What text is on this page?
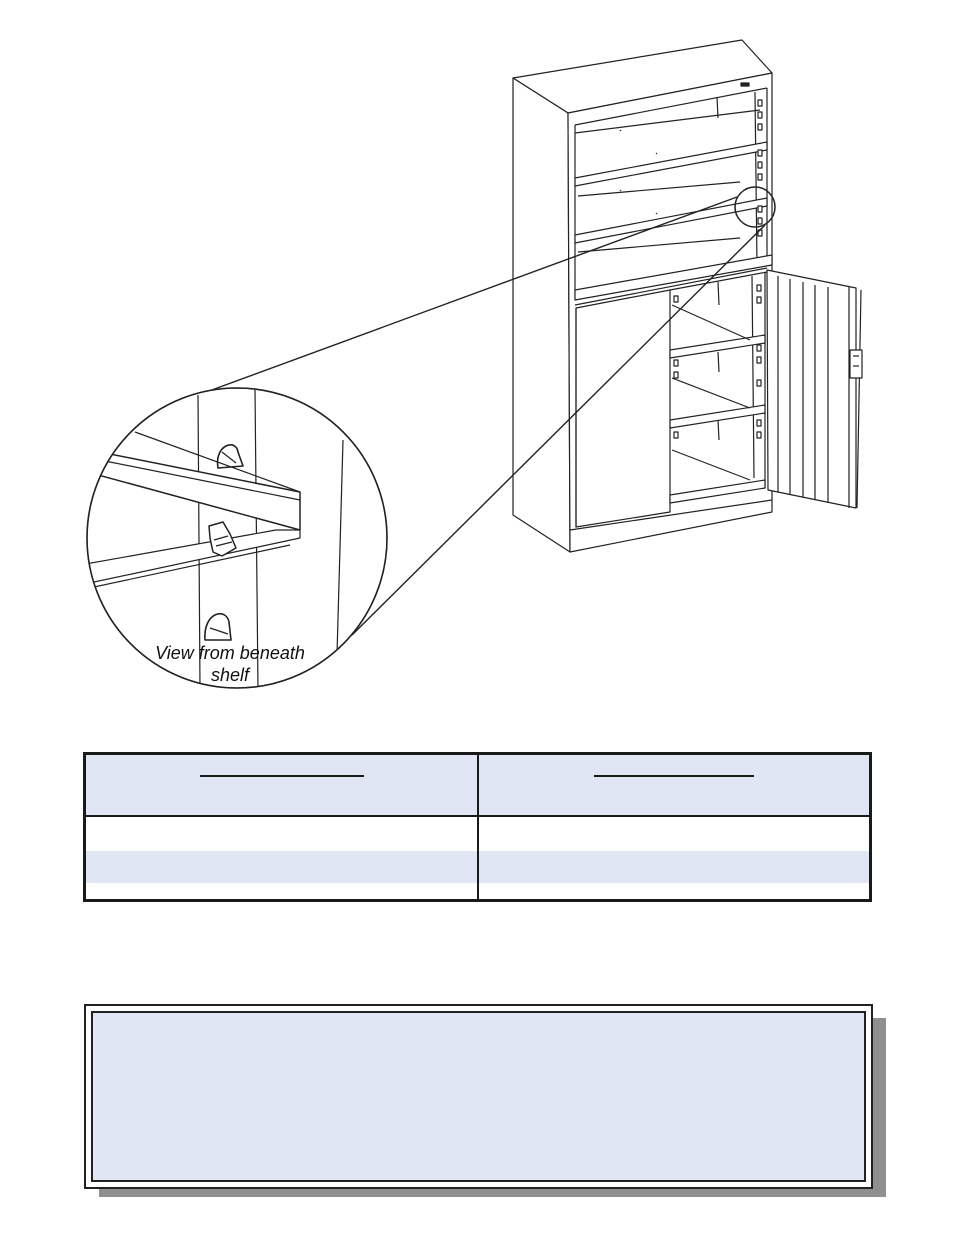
View from beneath shelf
